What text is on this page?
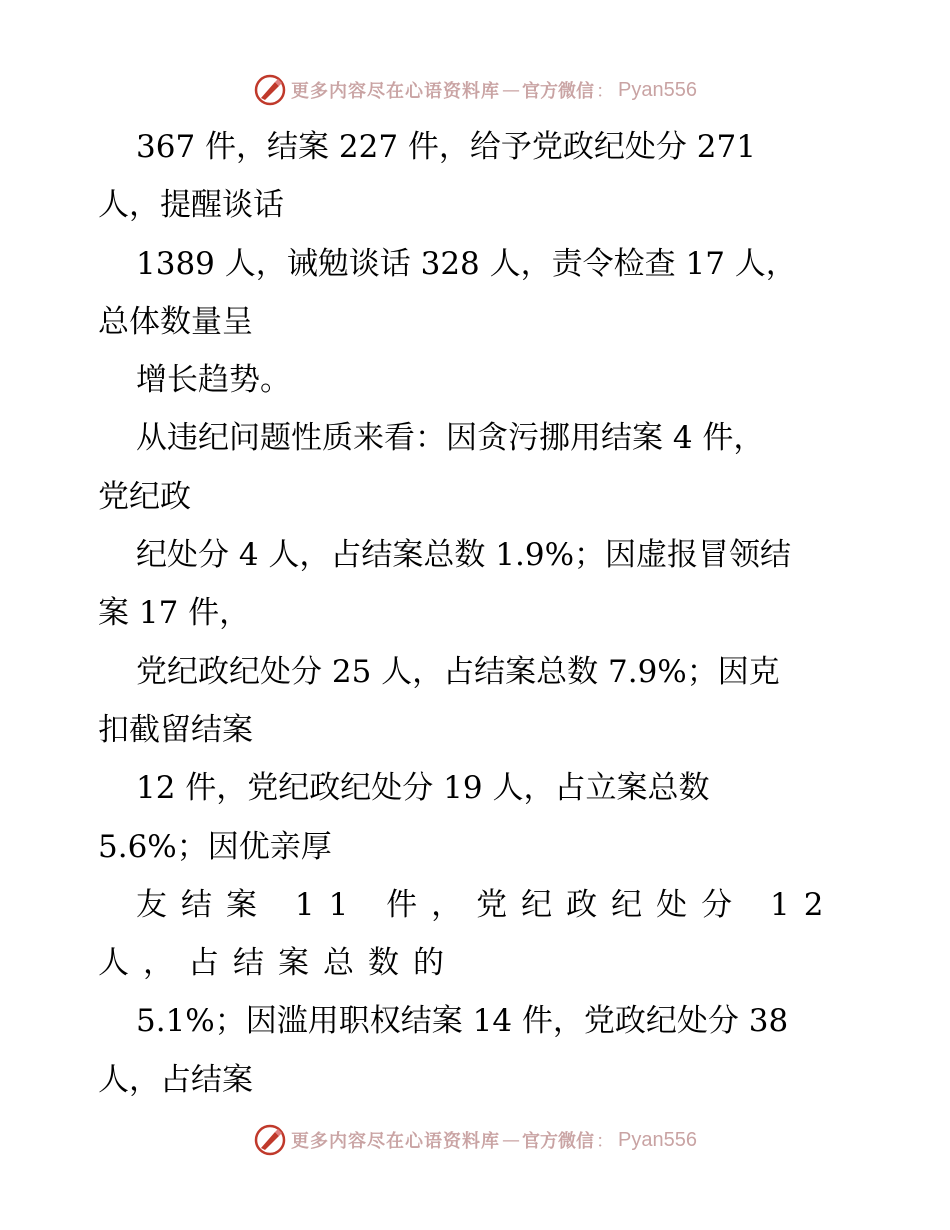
更多内容尽在心语资料库 — 官方微信 ： Pyan556
367 件，结案 227 件，给予党政纪处分 271
人，提醒谈话
1389 人，诫勉谈话 328 人，责令检查 17 人，
总体数量呈
增长趋势。
从违纪问题性质来看：因贪污挪用结案 4 件，
党纪政
纪处分 4 人，占结案总数 1.9%；因虚报冒领结
案 17 件，
党纪政纪处分 25 人，占结案总数 7.9%；因克
扣截留结案
12 件，党纪政纪处分 19 人，占立案总数
5.6%；因优亲厚
友结案 11 件，党纪政纪处分 12
人，占结案总数的
5.1%；因滥用职权结案 14 件，党政纪处分 38
人，占结案
更多内容尽在心语资料库 — 官方微信 ： Pyan556
